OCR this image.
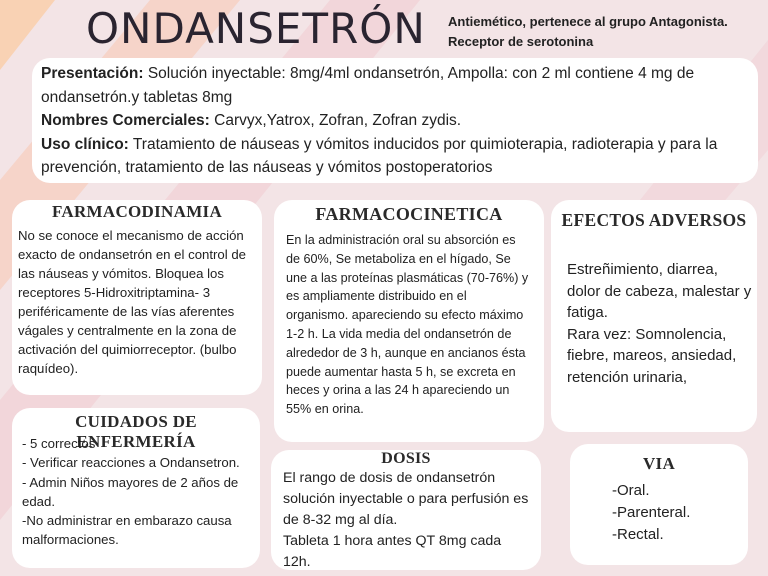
ONDANSETRÓN Antiemético, pertenece al grupo Antagonista. Receptor de serotonina

Presentación: Solución inyectable: 8mg/4ml ondansetrón, Ampolla: con 2 ml contiene 4 mg de ondansetrón.y tabletas 8mg

Nombres Comerciales: Carvyx,Yatrox, Zofran, Zofran zydis.

Uso clínico: Tratamiento de náuseas y vómitos inducidos por quimioterapia, radioterapia y para la prevención, tratamiento de las náuseas y vómitos postoperatorios

FARMACODINAMIA
No se conoce el mecanismo de acción exacto de ondansetrón en el control de las náuseas y vómitos. Bloquea los receptores 5-Hidroxitriptamina- 3 periféricamente de las vías aferentes vágales y centralmente en la zona de activación del quimiorreceptor. (bulbo raquídeo).
FARMACOCINETICA
En la administración oral su absorción es de 60%, Se metaboliza en el hígado, Se une a las proteínas plasmáticas (70-76%) y es ampliamente distribuido en el organismo. apareciendo su efecto máximo 1-2 h. La vida media del ondansetrón de alrededor de 3 h, aunque en ancianos ésta puede aumentar hasta 5 h, se excreta en heces y orina a las 24 h apareciendo un 55% en orina.
EFECTOS ADVERSOS
Estreñimiento, diarrea, dolor de cabeza, malestar y fatiga.
Rara vez: Somnolencia, fiebre, mareos, ansiedad, retención urinaria,
CUIDADOS DE ENFERMERÍA
- 5 correctos
- Verificar reacciones a Ondansetron.
- Admin Niños mayores de 2 años de edad.
-No administrar en embarazo causa malformaciones.
DOSIS
El rango de dosis de ondansetrón solución inyectable o para perfusión es de 8-32 mg al día.
Tableta 1 hora antes QT 8mg cada 12h.
VIA
-Oral.
-Parenteral.
-Rectal.
